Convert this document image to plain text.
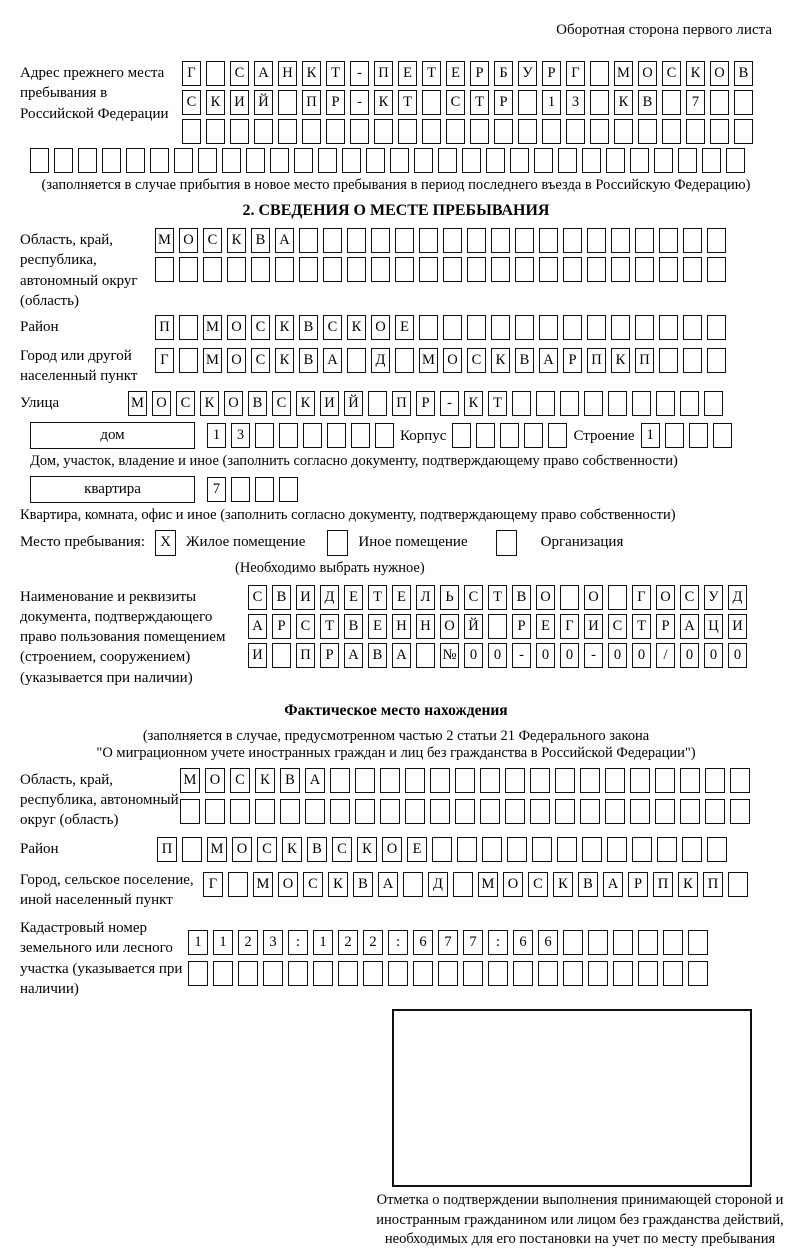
Оборотная сторона первого листа
Адрес прежнего места пребывания в Российской Федерации
Г	С А Н К	Т	-	П Е	Т	Е	Р	Б	У	Р	Г	М О С К О В
С К И Й	П	Р	-	К	Т	С	Т	Р	1	3	К В	7
(заполняется в случае прибытия в новое место пребывания в период последнего въезда в Российскую Федерацию)
2. СВЕДЕНИЯ О МЕСТЕ ПРЕБЫВАНИЯ
Область, край, республика, автономный округ (область)
М О С К В А
Район	П	М О С К В С К О Е
Город или другой населенный пункт
Г	М О С К В А	Д	М О С К В А	Р	П К П
Улица	М О С К О В С К И Й	П	Р	-	К	Т
дом	1	3	Корпус	Строение 1
Дом, участок, владение и иное (заполнить согласно документу, подтверждающему право собственности)
квартира	7
Квартира, комната, офис и иное (заполнить согласно документу, подтверждающему право собственности)
Место пребывания:	X	Жилое помещение	Иное помещение	Организация
(Необходимо выбрать нужное)
Наименование и реквизиты документа, подтверждающего право пользования помещением (строением, сооружением) (указывается при наличии)
С В И Д	Е	Т	Е	Л	Ь	С	Т	В О	О	Г	О С У Д
А	Р	С	Т	В	Е Н Н О Й	Р	Е	Г	И С	Т	Р	А Ц И
И	П	Р	А В А № 0	0	-	0	0	-	0	0	/	0	0	0
Фактическое место нахождения
(заполняется в случае, предусмотренном частью 2 статьи 21 Федерального закона
"О миграционном учете иностранных граждан и лиц без гражданства в Российской Федерации")
Область, край, республика, автономный округ (область)
М О	С	К	В	А
Район	П	М О	С	К	В	С	К	О	Е
Город, сельское поселение, иной населенный пункт
Г	М О	С	К	В	А	Д	М О	С	К	В	А	Р	П	К	П
Кадастровый номер земельного или лесного участка (указывается при наличии)
1	1	2	3	:	1	2	2	:	6	7	7	:	6	6
Отметка о подтверждении выполнения принимающей стороной и иностранным гражданином или лицом без гражданства действий, необходимых для его постановки на учет по месту пребывания
